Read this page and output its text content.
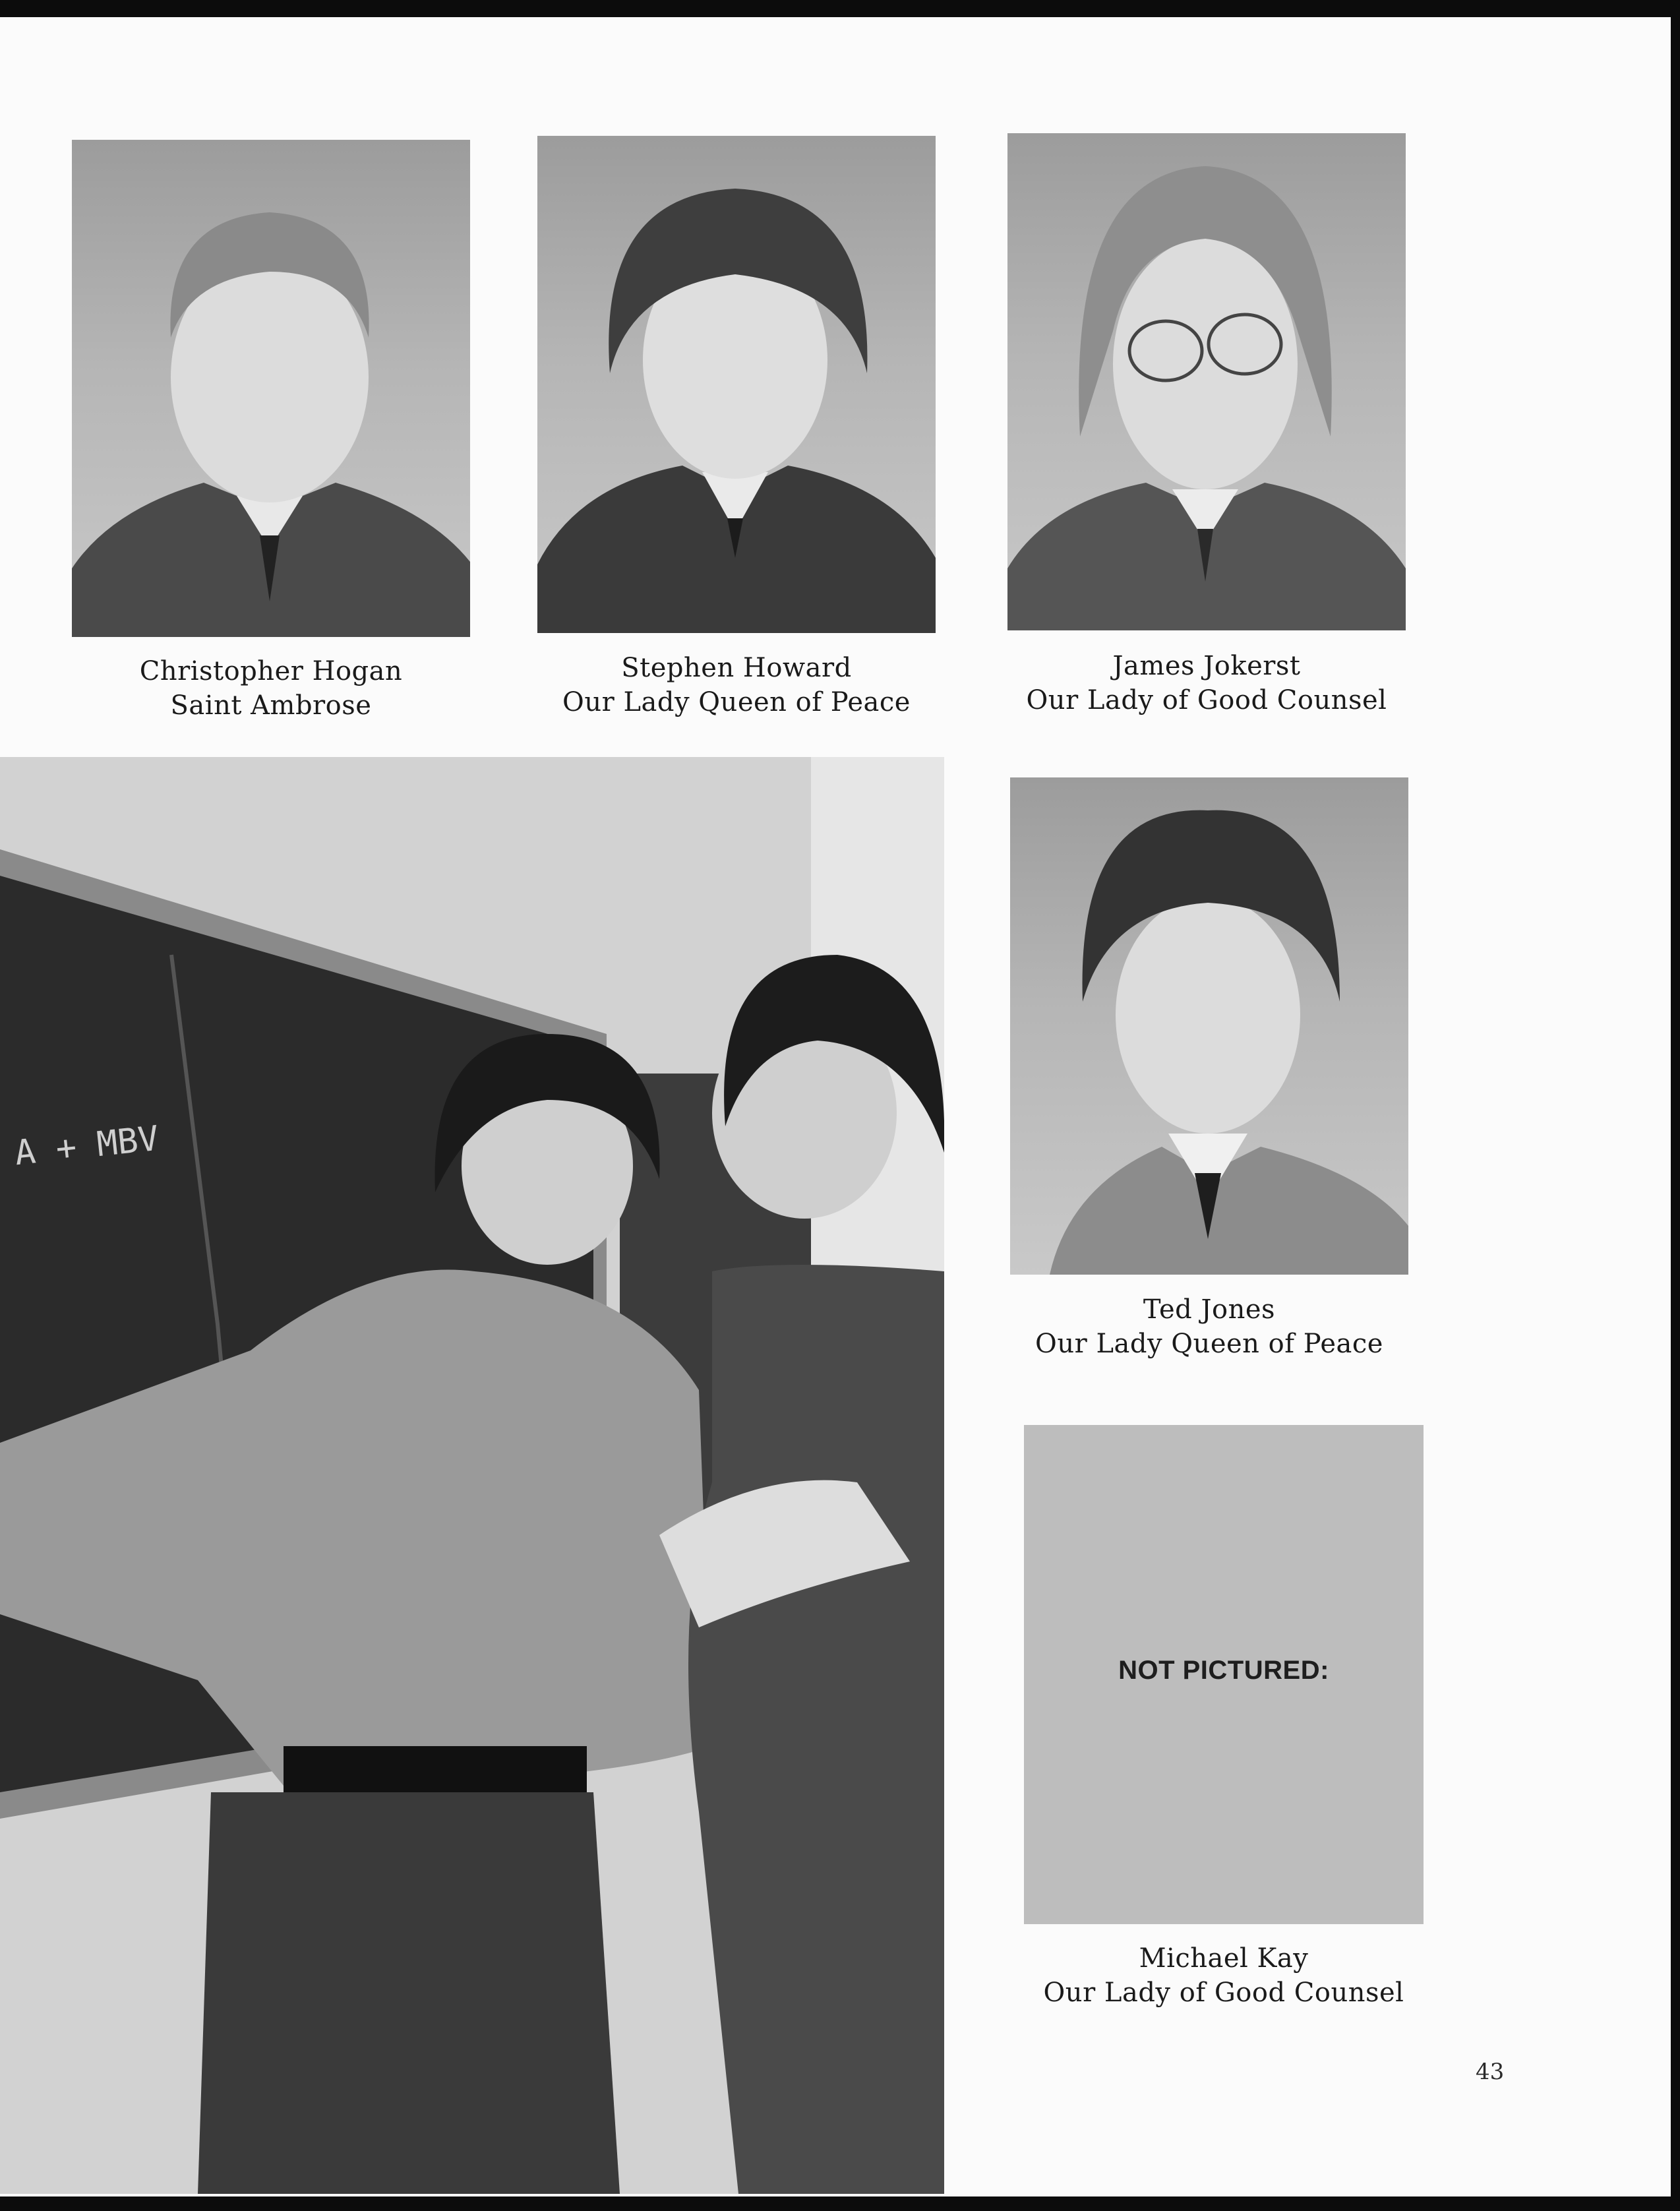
Christopher Hogan
Saint Ambrose
Stephen Howard
Our Lady Queen of Peace
James Jokerst
Our Lady of Good Counsel
Ted Jones
Our Lady Queen of Peace
Michael Kay
Our Lady of Good Counsel
NOT PICTURED:
43
A + MBV
